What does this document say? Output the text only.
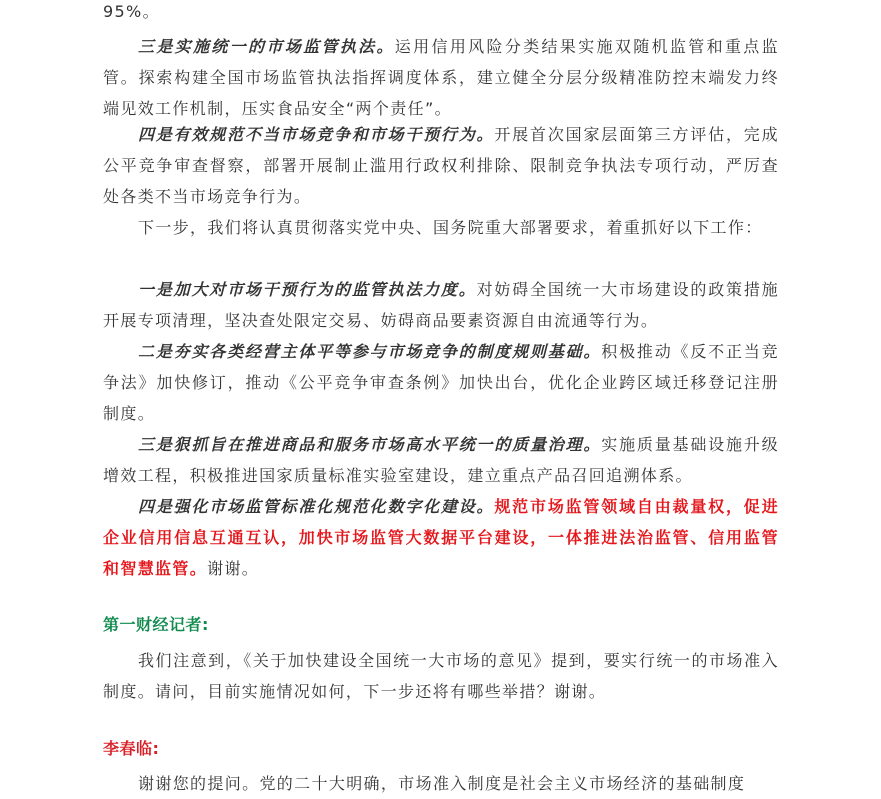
95%。

三是实施统一的市场监管执法。运用信用风险分类结果实施双随机监管和重点监管。探索构建全国市场监管执法指挥调度体系，建立健全分层分级精准防控末端发力终端见效工作机制，压实食品安全“两个责任”。

四是有效规范不当市场竞争和市场干预行为。开展首次国家层面第三方评估，完成公平竞争审查督察，部署开展制止滥用行政权利排除、限制竞争执法专项行动，严厉查处各类不当市场竞争行为。

下一步，我们将认真贯彻落实党中央、国务院重大部署要求，着重抓好以下工作：

一是加大对市场干预行为的监管执法力度。对妨碍全国统一大市场建设的政策措施开展专项清理，坚决查处限定交易、妨碍商品要素资源自由流通等行为。

二是夯实各类经营主体平等参与市场竞争的制度规则基础。积极推动《反不正当竞争法》加快修订，推动《公平竞争审查条例》加快出台，优化企业跨区域迁移登记注册制度。

三是狠抓旨在推进商品和服务市场高水平统一的质量治理。实施质量基础设施升级增效工程，积极推进国家质量标准实验室建设，建立重点产品召回追溯体系。

四是强化市场监管标准化规范化数字化建设。规范市场监管领域自由裁量权，促进企业信用信息互通互认，加快市场监管大数据平台建设，一体推进法治监管、信用监管和智慧监管。谢谢。

第一财经记者:

我们注意到，《关于加快建设全国统一大市场的意见》提到，要实行统一的市场准入制度。请问，目前实施情况如何，下一步还将有哪些举措？谢谢。

李春临:

谢谢您的提问。党的二十大明确，市场准入制度是社会主义市场经济的基础制度
